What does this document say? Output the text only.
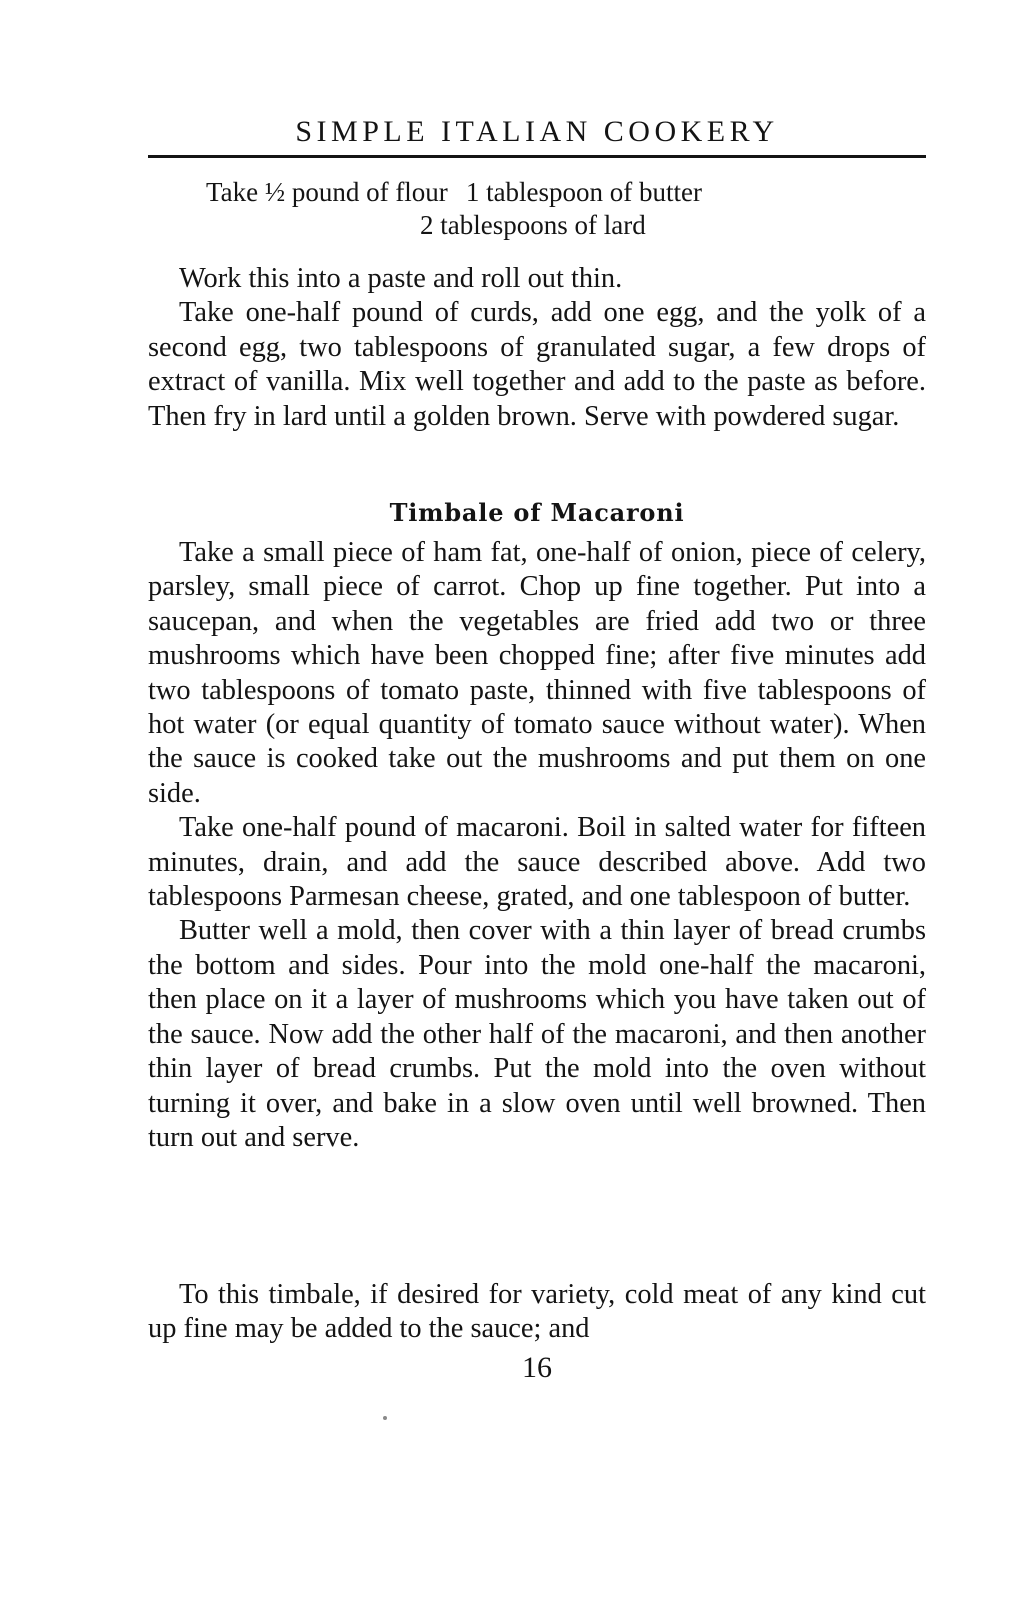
SIMPLE ITALIAN COOKERY
Take ½ pound of flour 1 tablespoon of butter
2 tablespoons of lard

Work this into a paste and roll out thin.

Take one-half pound of curds, add one egg, and the yolk of a second egg, two tablespoons of granulated sugar, a few drops of extract of vanilla. Mix well together and add to the paste as before. Then fry in lard until a golden brown. Serve with powdered sugar.

Timbale of Macaroni

Take a small piece of ham fat, one-half of onion, piece of celery, parsley, small piece of carrot. Chop up fine together. Put into a saucepan, and when the vegetables are fried add two or three mushrooms which have been chopped fine; after five minutes add two tablespoons of tomato paste, thinned with five tablespoons of hot water (or equal quantity of tomato sauce without water). When the sauce is cooked take out the mushrooms and put them on one side.

Take one-half pound of macaroni. Boil in salted water for fifteen minutes, drain, and add the sauce described above. Add two tablespoons Parmesan cheese, grated, and one tablespoon of butter.

Butter well a mold, then cover with a thin layer of bread crumbs the bottom and sides. Pour into the mold one-half the macaroni, then place on it a layer of mushrooms which you have taken out of the sauce. Now add the other half of the macaroni, and then another thin layer of bread crumbs. Put the mold into the oven without turning it over, and bake in a slow oven until well browned. Then turn out and serve.

To this timbale, if desired for variety, cold meat of any kind cut up fine may be added to the sauce; and

16
